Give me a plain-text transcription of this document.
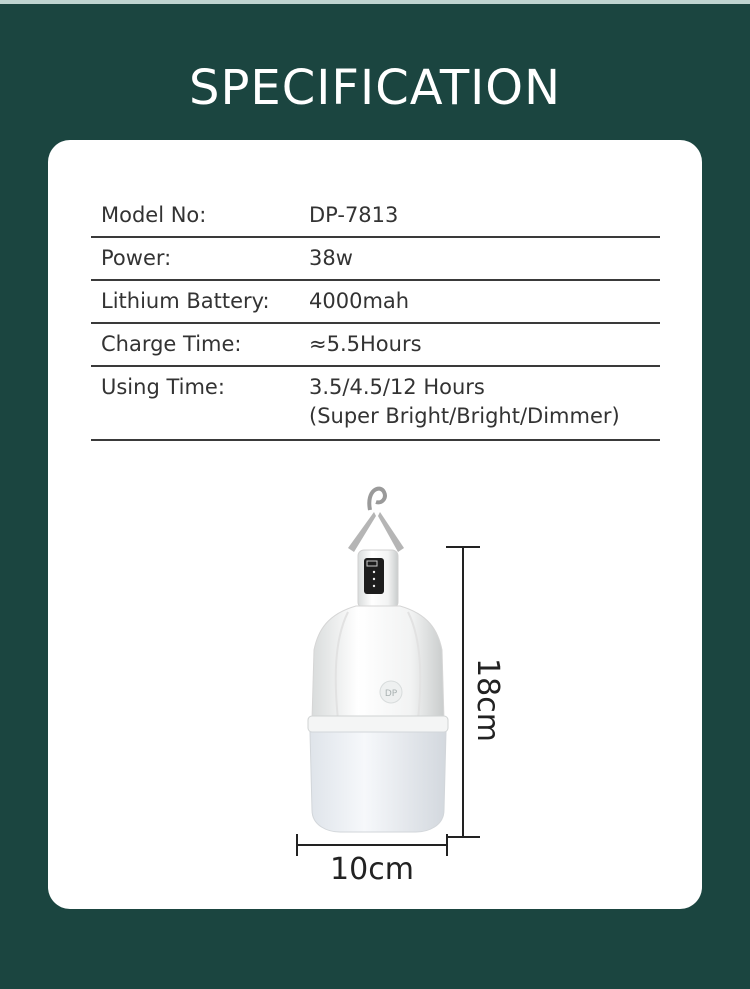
SPECIFICATION
Model No:	DP-7813
Power:	38w
Lithium Battery:	4000mah
Charge Time:	≈5.5Hours
Using Time:	3.5/4.5/12 Hours
(Super Bright/Bright/Dimmer)
DP
10cm
18cm
